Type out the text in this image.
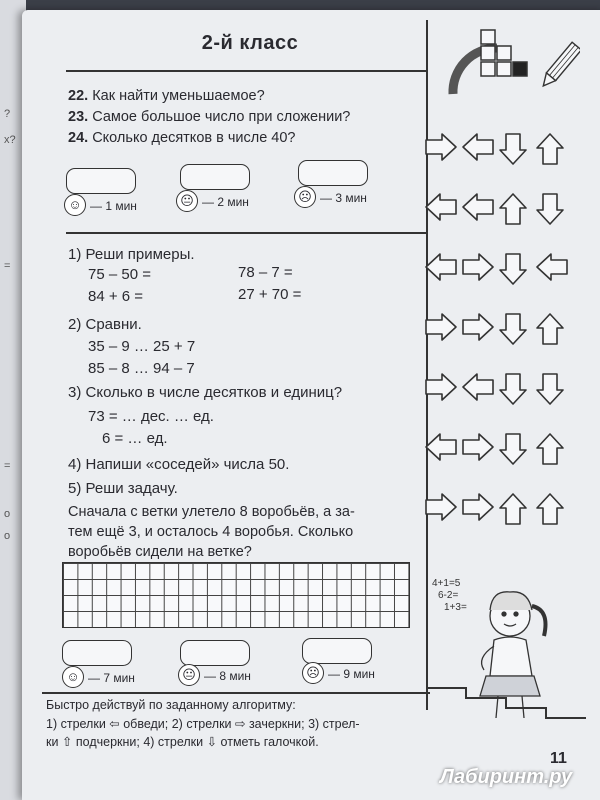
?
x?
=
=
о
о
2-й класс
22. Как найти уменьшаемое?
23. Самое большое число при сложении?
24. Сколько десятков в числе 40?
☺ — 1 мин	😐 — 2 мин	☹ — 3 мин
1) Реши примеры.
75 – 50 =	78 – 7 =
84 + 6 =	27 + 70 =
2) Сравни.
35 – 9 … 25 + 7
85 – 8 … 94 – 7
3) Сколько в числе десятков и единиц?
73 = … дес. … ед.
6 = … ед.
4) Напиши «соседей» числа 50.
5) Реши задачу.
Сначала с ветки улетело 8 воробьёв, а за-
тем ещё 3, и осталось 4 воробья. Сколько
воробьёв сидели на ветке?
☺ — 7 мин	😐 — 8 мин	☹ — 9 мин
Быстро действуй по заданному алгоритму:
1) стрелки ⇦ обведи; 2) стрелки ⇨ зачеркни; 3) стрел-
ки ⇧ подчеркни; 4) стрелки ⇩ отметь галочкой.
11
4+1=5
6-2=
1+3=
Лабиринт.ру
